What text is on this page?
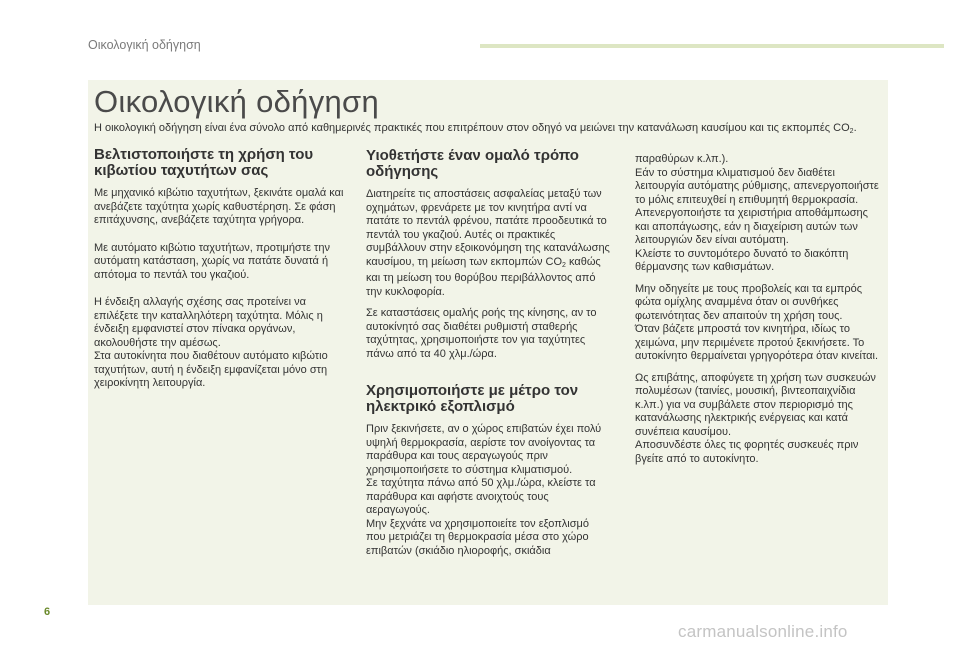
Οικολογική οδήγηση
Οικολογική οδήγηση
Η οικολογική οδήγηση είναι ένα σύνολο από καθημερινές πρακτικές που επιτρέπουν στον οδηγό να μειώνει την κατανάλωση καυσίμου και τις εκπομπές $CO_2$.
Βελτιστοποιήστε τη χρήση του κιβωτίου ταχυτήτων σας

Με μηχανικό κιβώτιο ταχυτήτων, ξεκινάτε ομαλά και ανεβάζετε ταχύτητα χωρίς καθυστέρηση. Σε φάση επιτάχυνσης, ανεβάζετε ταχύτητα γρήγορα.

Με αυτόματο κιβώτιο ταχυτήτων, προτιμήστε την αυτόματη κατάσταση, χωρίς να πατάτε δυνατά ή απότομα το πεντάλ του γκαζιού.

Η ένδειξη αλλαγής σχέσης σας προτείνει να επιλέξετε την καταλληλότερη ταχύτητα. Μόλις η ένδειξη εμφανιστεί στον πίνακα οργάνων, ακολουθήστε την αμέσως.
Στα αυτοκίνητα που διαθέτουν αυτόματο κιβώτιο ταχυτήτων, αυτή η ένδειξη εμφανίζεται μόνο στη χειροκίνητη λειτουργία.

Υιοθετήστε έναν ομαλό τρόπο οδήγησης

Διατηρείτε τις αποστάσεις ασφαλείας μεταξύ των οχημάτων, φρενάρετε με τον κινητήρα αντί να πατάτε το πεντάλ φρένου, πατάτε προοδευτικά το πεντάλ του γκαζιού. Αυτές οι πρακτικές συμβάλλουν στην εξοικονόμηση της κατανάλωσης καυσίμου, τη μείωση των εκπομπών $CO_2$ καθώς και τη μείωση του θορύβου περιβάλλοντος από την κυκλοφορία.

Σε καταστάσεις ομαλής ροής της κίνησης, αν το αυτοκίνητό σας διαθέτει ρυθμιστή σταθερής ταχύτητας, χρησιμοποιήστε τον για ταχύτητες πάνω από τα 40 χλμ./ώρα.

Χρησιμοποιήστε με μέτρο τον ηλεκτρικό εξοπλισμό

Πριν ξεκινήσετε, αν ο χώρος επιβατών έχει πολύ υψηλή θερμοκρασία, αερίστε τον ανοίγοντας τα παράθυρα και τους αεραγωγούς πριν χρησιμοποιήσετε το σύστημα κλιματισμού.
Σε ταχύτητα πάνω από 50 χλμ./ώρα, κλείστε τα παράθυρα και αφήστε ανοιχτούς τους αεραγωγούς.
Μην ξεχνάτε να χρησιμοποιείτε τον εξοπλισμό που μετριάζει τη θερμοκρασία μέσα στο χώρο επιβατών (σκιάδιο ηλιοροφής, σκιάδια

παραθύρων κ.λπ.).
Εάν το σύστημα κλιματισμού δεν διαθέτει λειτουργία αυτόματης ρύθμισης, απενεργοποιήστε το μόλις επιτευχθεί η επιθυμητή θερμοκρασία.
Απενεργοποιήστε τα χειριστήρια αποθάμπωσης και αποπάγωσης, εάν η διαχείριση αυτών των λειτουργιών δεν είναι αυτόματη.
Κλείστε το συντομότερο δυνατό το διακόπτη θέρμανσης των καθισμάτων.

Μην οδηγείτε με τους προβολείς και τα εμπρός φώτα ομίχλης αναμμένα όταν οι συνθήκες φωτεινότητας δεν απαιτούν τη χρήση τους.
Όταν βάζετε μπροστά τον κινητήρα, ιδίως το χειμώνα, μην περιμένετε προτού ξεκινήσετε. Το αυτοκίνητο θερμαίνεται γρηγορότερα όταν κινείται.

Ως επιβάτης, αποφύγετε τη χρήση των συσκευών πολυμέσων (ταινίες, μουσική, βιντεοπαιχνίδια κ.λπ.) για να συμβάλετε στον περιορισμό της κατανάλωσης ηλεκτρικής ενέργειας και κατά συνέπεια καυσίμου.
Αποσυνδέστε όλες τις φορητές συσκευές πριν βγείτε από το αυτοκίνητο.

6
carmanualsonline.info
